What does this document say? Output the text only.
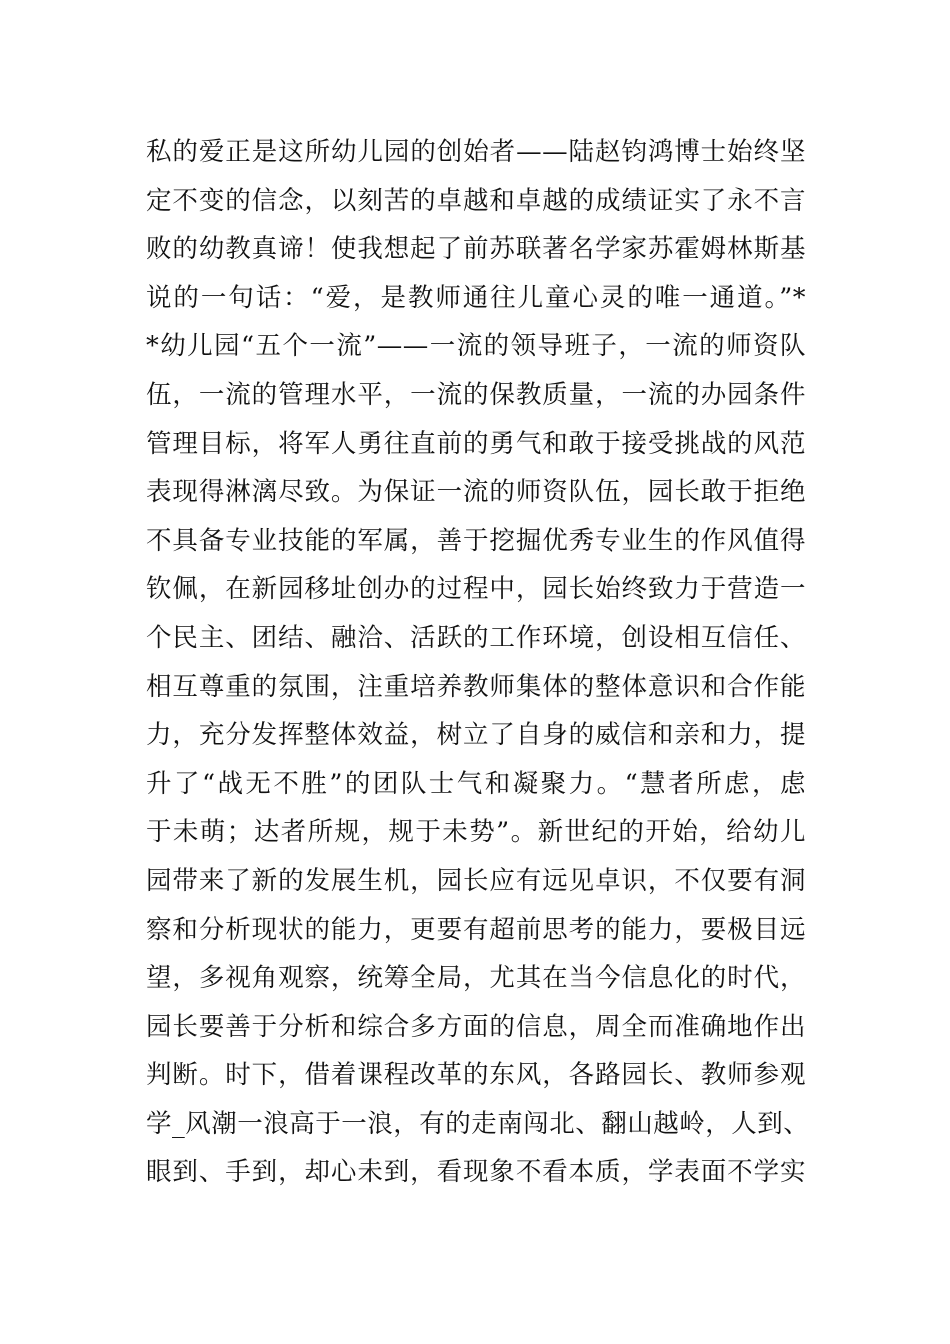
私的爱正是这所幼儿园的创始者——陆赵钧鸿博士始终坚
定不变的信念，以刻苦的卓越和卓越的成绩证实了永不言
败的幼教真谛！使我想起了前苏联著名学家苏霍姆林斯基
说的一句话：“爱，是教师通往儿童心灵的唯一通道。”*
*幼儿园“五个一流”——一流的领导班子，一流的师资队
伍，一流的管理水平，一流的保教质量，一流的办园条件
管理目标，将军人勇往直前的勇气和敢于接受挑战的风范
表现得淋漓尽致。为保证一流的师资队伍，园长敢于拒绝
不具备专业技能的军属，善于挖掘优秀专业生的作风值得
钦佩，在新园移址创办的过程中，园长始终致力于营造一
个民主、团结、融洽、活跃的工作环境，创设相互信任、
相互尊重的氛围，注重培养教师集体的整体意识和合作能
力，充分发挥整体效益，树立了自身的威信和亲和力，提
升了“战无不胜”的团队士气和凝聚力。“慧者所虑，虑
于未萌；达者所规，规于未势”。新世纪的开始，给幼儿
园带来了新的发展生机，园长应有远见卓识，不仅要有洞
察和分析现状的能力，更要有超前思考的能力，要极目远
望，多视角观察，统筹全局，尤其在当今信息化的时代，
园长要善于分析和综合多方面的信息，周全而准确地作出
判断。时下，借着课程改革的东风，各路园长、教师参观
学_风潮一浪高于一浪，有的走南闯北、翻山越岭，人到、
眼到、手到，却心未到，看现象不看本质，学表面不学实
